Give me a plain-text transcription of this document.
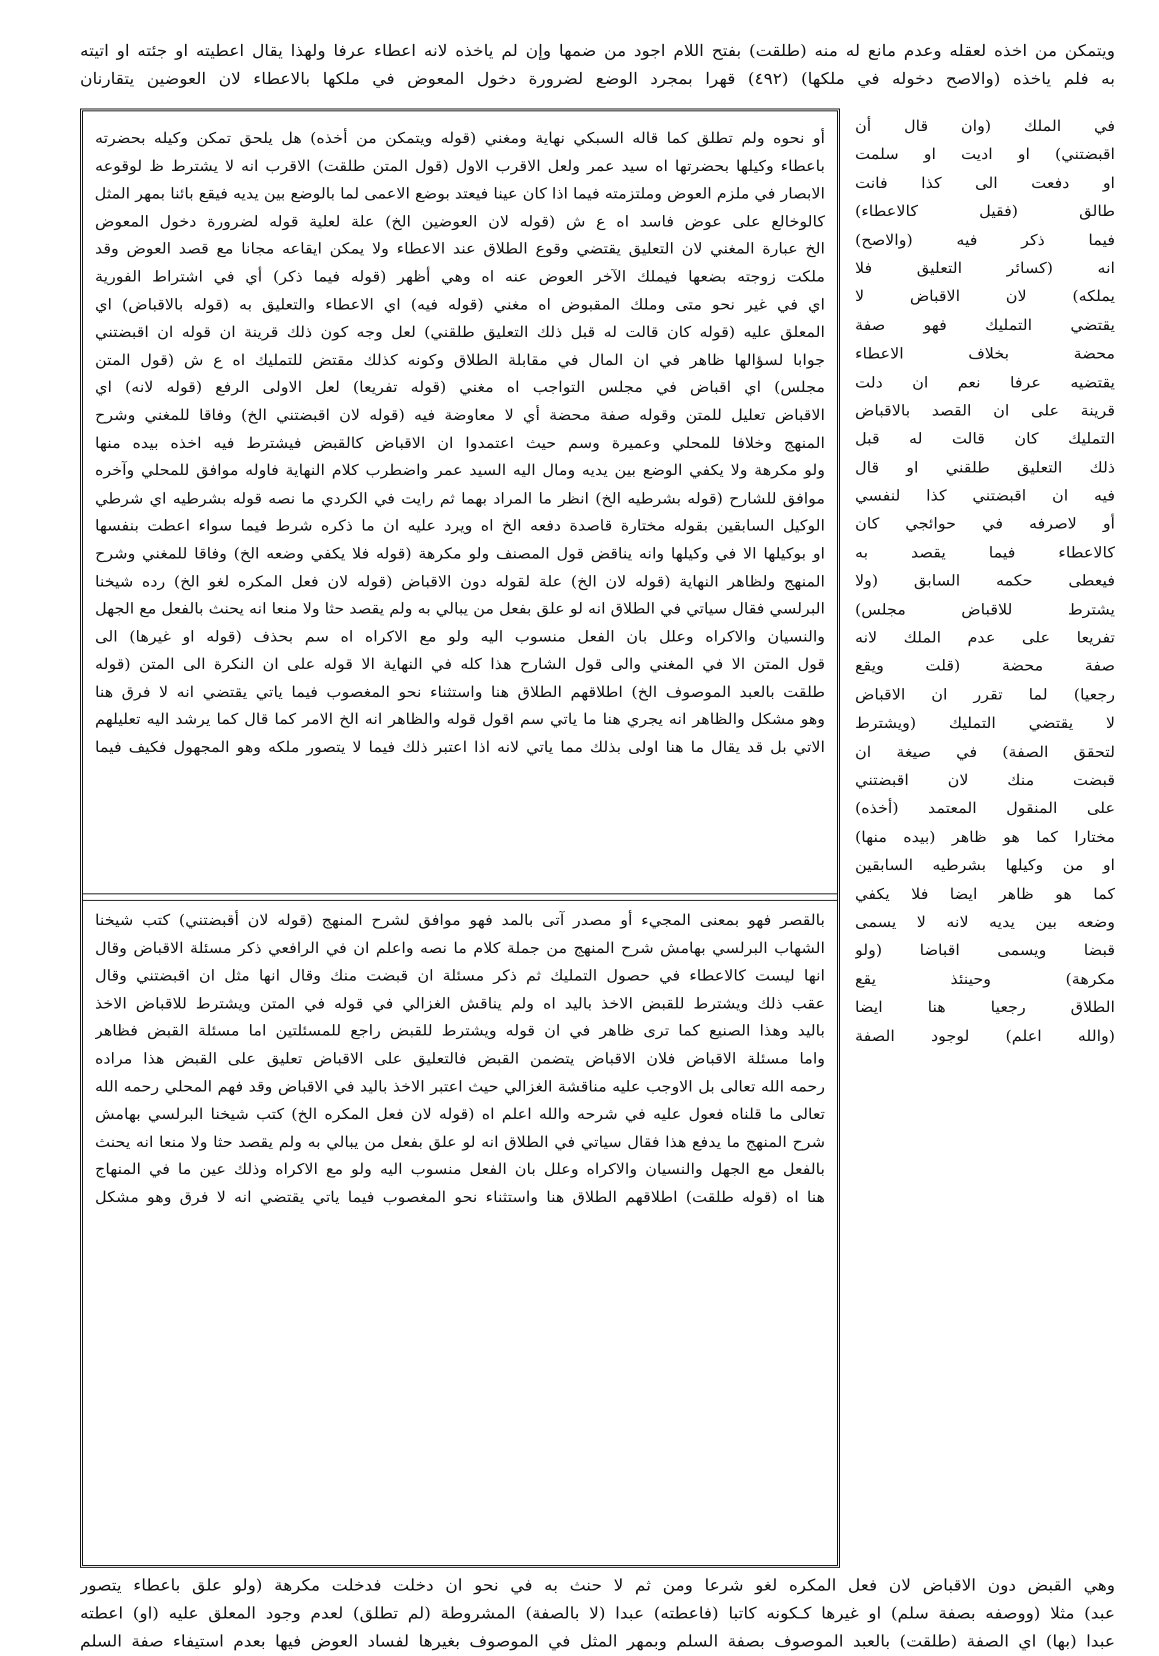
ويتمكن من اخذه لعقله وعدم مانع له منه (طلقت) بفتح اللام اجود من ضمها وإن لم ياخذه لانه اعطاء عرفا ولهذا يقال اعطيته او جئته او اتيته
به فلم ياخذه (والاصح دخوله في ملكها) (٤٩٢) قهرا بمجرد الوضع لضرورة دخول المعوض في ملكها بالاعطاء لان العوضين يتقارنان
في الملك (وان قال أن
اقبضتني) او اديت او سلمت
او دفعت الى كذا فانت
طالق (فقيل كالاعطاء)
فيما ذكر فيه (والاصح)
انه (كسائر التعليق فلا
يملكه) لان الاقباض لا
يقتضي التمليك فهو صفة
محضة بخلاف الاعطاء
يقتضيه عرفا نعم ان دلت
قرينة على ان القصد بالاقباض
التمليك كان قالت له قبل
ذلك التعليق طلقني او قال
فيه ان اقبضتني كذا لنفسي
أو لاصرفه في حوائجي كان
كالاعطاء فيما يقصد به
فيعطى حكمه السابق (ولا
يشترط للاقباض مجلس)
تفريعا على عدم الملك لانه
صفة محضة (قلت ويقع
رجعيا) لما تقرر ان الاقباض
لا يقتضي التمليك (ويشترط
لتحقق الصفة) في صيغة ان
قبضت منك لان اقبضتني
على المنقول المعتمد (أخذه)
مختارا كما هو ظاهر (بيده منها)
او من وكيلها بشرطيه السابقين
كما هو ظاهر ايضا فلا يكفي
وضعه بين يديه لانه لا يسمى
قبضا ويسمى اقباضا (ولو
مكرهة) وحينئذ يقع
الطلاق رجعيا هنا ايضا
(والله اعلم) لوجود الصفة
أو نحوه ولم تطلق كما قاله السبكي نهاية ومغني (قوله ويتمكن من أخذه) هل يلحق تمكن وكيله بحضرته
باعطاء وكيلها بحضرتها اه سيد عمر ولعل الاقرب الاول (قول المتن طلقت) الاقرب انه لا يشترط ظ لوقوعه
الابصار في ملزم العوض وملتزمته فيما اذا كان عينا فيعتد بوضع الاعمى لما بالوضع بين يديه فيقع بائنا بمهر المثل
كالوخالع على عوض فاسد اه ع ش (قوله لان العوضين الخ) علة لعلية قوله لضرورة دخول المعوض
الخ عبارة المغني لان التعليق يقتضي وقوع الطلاق عند الاعطاء ولا يمكن ايقاعه مجانا مع قصد العوض وقد
ملكت زوجته بضعها فيملك الآخر العوض عنه اه وهي أظهر (قوله فيما ذكر) أي في اشتراط الفورية
اي في غير نحو متى وملك المقبوض اه مغني (قوله فيه) اي الاعطاء والتعليق به (قوله بالاقباض) اي
المعلق عليه (قوله كان قالت له قبل ذلك التعليق طلقني) لعل وجه كون ذلك قرينة ان قوله ان اقبضتني
جوابا لسؤالها ظاهر في ان المال في مقابلة الطلاق وكونه كذلك مقتض للتمليك اه ع ش (قول المتن
مجلس) اي اقباض في مجلس التواجب اه مغني (قوله تفريعا) لعل الاولى الرفع (قوله لانه) اي
الاقباض تعليل للمتن وقوله صفة محضة أي لا معاوضة فيه (قوله لان اقبضتني الخ) وفاقا للمغني وشرح
المنهج وخلافا للمحلي وعميرة وسم حيث اعتمدوا ان الاقباض كالقبض فيشترط فيه اخذه بيده منها
ولو مكرهة ولا يكفي الوضع بين يديه ومال اليه السيد عمر واضطرب كلام النهاية فاوله موافق للمحلي وآخره
موافق للشارح (قوله بشرطيه الخ) انظر ما المراد بهما ثم رايت في الكردي ما نصه قوله بشرطيه اي شرطي
الوكيل السابقين بقوله مختارة قاصدة دفعه الخ اه ويرد عليه ان ما ذكره شرط فيما سواء اعطت بنفسها
او بوكيلها الا في وكيلها وانه يناقض قول المصنف ولو مكرهة (قوله فلا يكفي وضعه الخ) وفاقا للمغني وشرح
المنهج ولظاهر النهاية (قوله لان الخ) علة لقوله دون الاقباض (قوله لان فعل المكره لغو الخ) رده شيخنا
البرلسي فقال سياتي في الطلاق انه لو علق بفعل من يبالي به ولم يقصد حثا ولا منعا انه يحنث بالفعل مع الجهل
والنسيان والاكراه وعلل بان الفعل منسوب اليه ولو مع الاكراه اه سم بحذف (قوله او غيرها) الى
قول المتن الا في المغني والى قول الشارح هذا كله في النهاية الا قوله على ان النكرة الى المتن (قوله
طلقت بالعبد الموصوف الخ) اطلاقهم الطلاق هنا واستثناء نحو المغصوب فيما ياتي يقتضي انه لا فرق هنا
وهو مشكل والظاهر انه يجري هنا ما ياتي سم اقول قوله والظاهر انه الخ الامر كما قال كما يرشد اليه تعليلهم
الاتي بل قد يقال ما هنا اولى بذلك مما ياتي لانه اذا اعتبر ذلك فيما لا يتصور ملكه وهو المجهول فكيف فيما
بالقصر فهو بمعنى المجيء أو مصدر آتى بالمد فهو موافق لشرح المنهج (قوله لان أقبضتني) كتب شيخنا
الشهاب البرلسي بهامش شرح المنهج من جملة كلام ما نصه واعلم ان في الرافعي ذكر مسئلة الاقباض وقال
انها ليست كالاعطاء في حصول التمليك ثم ذكر مسئلة ان قبضت منك وقال انها مثل ان اقبضتني وقال
عقب ذلك ويشترط للقبض الاخذ باليد اه ولم يناقش الغزالي في قوله في المتن ويشترط للاقباض الاخذ
باليد وهذا الصنيع كما ترى ظاهر في ان قوله ويشترط للقبض راجع للمسئلتين اما مسئلة القبض فظاهر
واما مسئلة الاقباض فلان الاقباض يتضمن القبض فالتعليق على الاقباض تعليق على القبض هذا مراده
رحمه الله تعالى بل الاوجب عليه مناقشة الغزالي حيث اعتبر الاخذ باليد في الاقباض وقد فهم المحلي رحمه الله
تعالى ما قلناه فعول عليه في شرحه والله اعلم اه (قوله لان فعل المكره الخ) كتب شيخنا البرلسي بهامش
شرح المنهج ما يدفع هذا فقال سياتي في الطلاق انه لو علق بفعل من يبالي به ولم يقصد حثا ولا منعا انه يحنث
بالفعل مع الجهل والنسيان والاكراه وعلل بان الفعل منسوب اليه ولو مع الاكراه وذلك عين ما في المنهاج
هنا اه (قوله طلقت) اطلاقهم الطلاق هنا واستثناء نحو المغصوب فيما ياتي يقتضي انه لا فرق وهو مشكل
وهي القبض دون الاقباض لان فعل المكره لغو شرعا ومن ثم لا حنث به في نحو ان دخلت فدخلت مكرهة (ولو علق باعطاء يتصور
عبد) مثلا (ووصفه بصفة سلم) او غيرها كـكونه كاتبا (فاعطته) عبدا (لا بالصفة) المشروطة (لم تطلق) لعدم وجود المعلق عليه (او) اعطته
عبدا (بها) اي الصفة (طلقت) بالعبد الموصوف بصفة السلم وبمهر المثل في الموصوف بغيرها لفساد العوض فيها بعدم استيفاء صفة السلم
